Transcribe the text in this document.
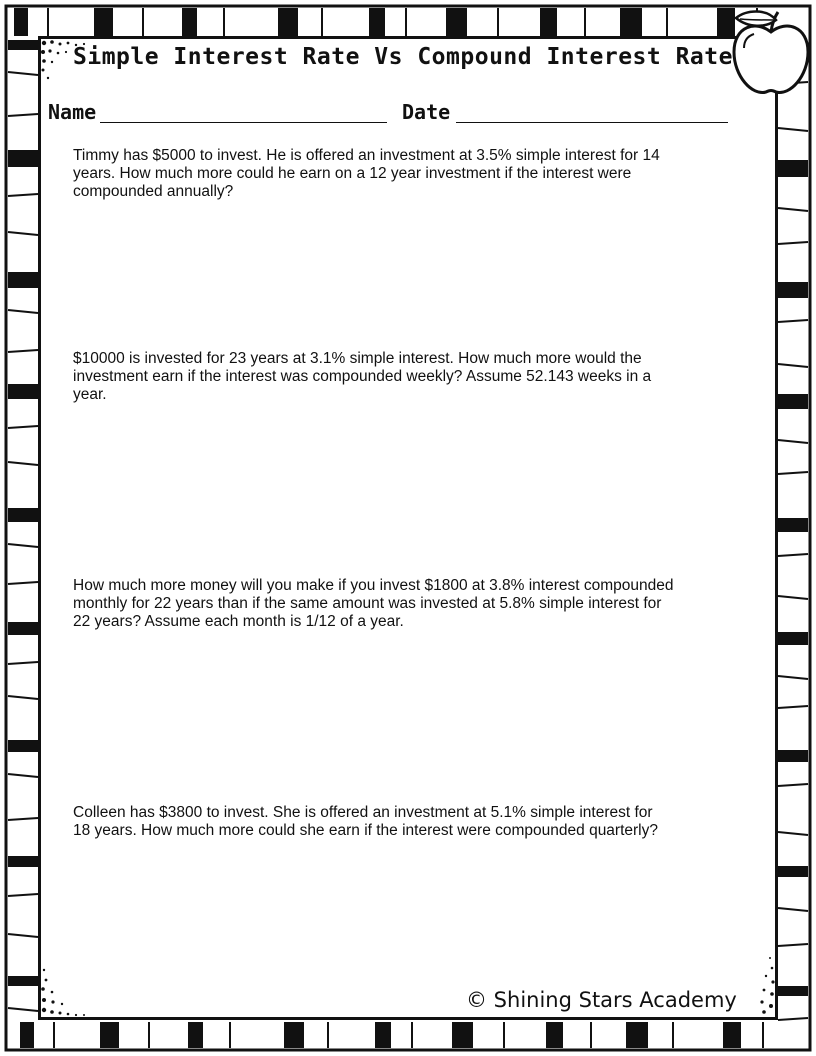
Simple Interest Rate Vs Compound Interest Rate
Name	Date

Timmy has $5000 to invest. He is offered an investment at 3.5% simple interest for 14
years. How much more could he earn on a 12 year investment if the interest were
compounded annually?

$10000 is invested for 23 years at 3.1% simple interest. How much more would the
investment earn if the interest was compounded weekly? Assume 52.143 weeks in a
year.

How much more money will you make if you invest $1800 at 3.8% interest compounded
monthly for 22 years than if the same amount was invested at 5.8% simple interest for
22 years? Assume each month is 1/12 of a year.

Colleen has $3800 to invest. She is offered an investment at 5.1% simple interest for
18 years. How much more could she earn if the interest were compounded quarterly?

© Shining Stars Academy
